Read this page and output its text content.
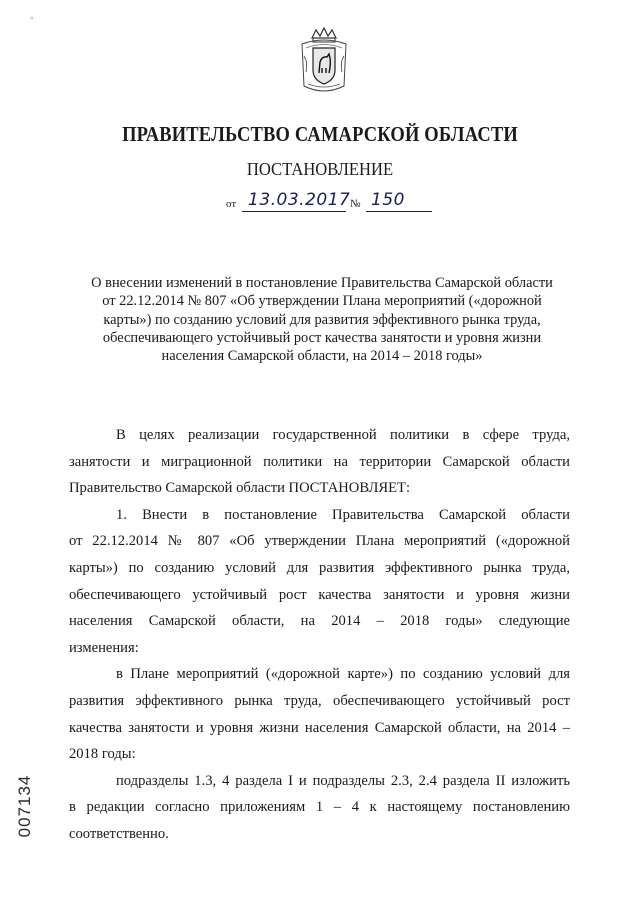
«
ПРАВИТЕЛЬСТВО САМАРСКОЙ ОБЛАСТИ
ПОСТАНОВЛЕНИЕ
от 13.03.2017 № 150
О внесении изменений в постановление Правительства Самарской области
от 22.12.2014 № 807 «Об утверждении Плана мероприятий («дорожной
карты») по созданию условий для развития эффективного рынка труда,
обеспечивающего устойчивый рост качества занятости и уровня жизни
населения Самарской области, на 2014 – 2018 годы»

В целях реализации государственной политики в сфере труда,
занятости и миграционной политики на территории Самарской области
Правительство Самарской области ПОСТАНОВЛЯЕТ:

1. Внести в постановление Правительства Самарской области
от 22.12.2014 № 807 «Об утверждении Плана мероприятий («дорожной
карты») по созданию условий для развития эффективного рынка труда,
обеспечивающего устойчивый рост качества занятости и уровня жизни
населения Самарской области, на 2014 – 2018 годы» следующие
изменения:

в Плане мероприятий («дорожной карте») по созданию условий для
развития эффективного рынка труда, обеспечивающего устойчивый рост
качества занятости и уровня жизни населения Самарской области, на 2014 –
2018 годы:

подразделы 1.3, 4 раздела I и подразделы 2.3, 2.4 раздела II изложить
в редакции согласно приложениям 1 – 4 к настоящему постановлению
соответственно.

007134
